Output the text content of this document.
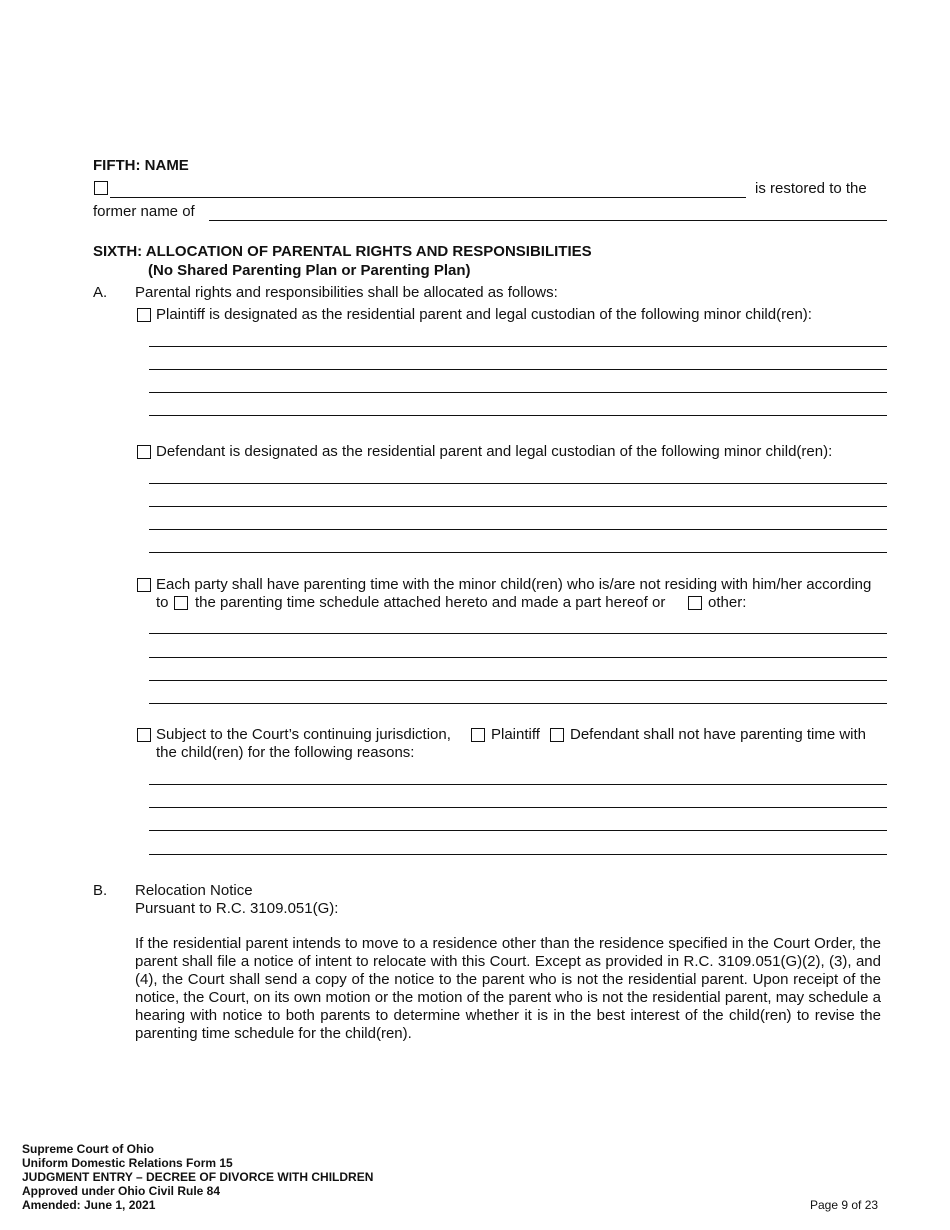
FIFTH: NAME
is restored to the
former name of
SIXTH: ALLOCATION OF PARENTAL RIGHTS AND RESPONSIBILITIES
(No Shared Parenting Plan or Parenting Plan)
A. Parental rights and responsibilities shall be allocated as follows:
Plaintiff is designated as the residential parent and legal custodian of the following minor child(ren):
Defendant is designated as the residential parent and legal custodian of the following minor child(ren):
Each party shall have parenting time with the minor child(ren) who is/are not residing with him/her according
to the parenting time schedule attached hereto and made a part hereof or	other:
Subject to the Court’s continuing jurisdiction,	Plaintiff Defendant shall not have parenting time with
the child(ren) for the following reasons:
B. Relocation Notice
Pursuant to R.C. 3109.051(G):
If the residential parent intends to move to a residence other than the residence specified in the Court Order, the parent shall file a notice of intent to relocate with this Court. Except as provided in R.C. 3109.051(G)(2), (3), and (4), the Court shall send a copy of the notice to the parent who is not the residential parent. Upon receipt of the notice, the Court, on its own motion or the motion of the parent who is not the residential parent, may schedule a hearing with notice to both parents to determine whether it is in the best interest of the child(ren) to revise the parenting time schedule for the child(ren).
Supreme Court of Ohio
Uniform Domestic Relations Form 15
JUDGMENT ENTRY – DECREE OF DIVORCE WITH CHILDREN
Approved under Ohio Civil Rule 84
Amended: June 1, 2021	Page 9 of 23
